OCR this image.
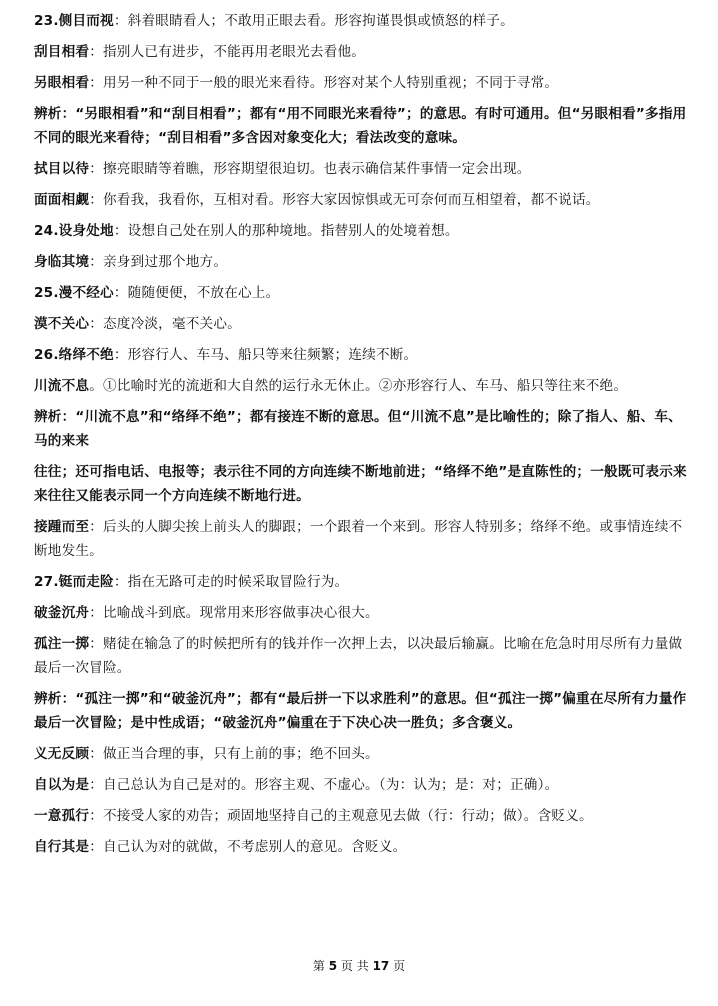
23.侧目而视：斜着眼睛看人；不敢用正眼去看。形容拘谨畏惧或愤怒的样子。

刮目相看：指别人已有进步，不能再用老眼光去看他。

另眼相看：用另一种不同于一般的眼光来看待。形容对某个人特别重视；不同于寻常。

辨析：“另眼相看”和“刮目相看”；都有“用不同眼光来看待”；的意思。有时可通用。但“另眼相看”多指用不同的眼光来看待；“刮目相看”多含因对象变化大；看法改变的意味。

拭目以待：擦亮眼睛等着瞧，形容期望很迫切。也表示确信某件事情一定会出现。

面面相觑：你看我，我看你，互相对看。形容大家因惊惧或无可奈何而互相望着，都不说话。

24.设身处地：设想自己处在别人的那种境地。指替别人的处境着想。

身临其境：亲身到过那个地方。

25.漫不经心：随随便便，不放在心上。

漠不关心：态度冷淡，毫不关心。

26.络绎不绝：形容行人、车马、船只等来往频繁；连续不断。

川流不息。①比喻时光的流逝和大自然的运行永无休止。②亦形容行人、车马、船只等往来不绝。

辨析：“川流不息”和“络绎不绝”；都有接连不断的意思。但“川流不息”是比喻性的；除了指人、船、车、马的来来

往往；还可指电话、电报等；表示往不同的方向连续不断地前进；“络绎不绝”是直陈性的；一般既可表示来来往往又能表示同一个方向连续不断地行进。

接踵而至：后头的人脚尖挨上前头人的脚跟；一个跟着一个来到。形容人特别多；络绎不绝。或事情连续不断地发生。

27.铤而走险：指在无路可走的时候采取冒险行为。

破釜沉舟：比喻战斗到底。现常用来形容做事决心很大。

孤注一掷：赌徒在输急了的时候把所有的钱并作一次押上去，以决最后输赢。比喻在危急时用尽所有力量做最后一次冒险。

辨析：“孤注一掷”和“破釜沉舟”；都有“最后拼一下以求胜利”的意思。但“孤注一掷”偏重在尽所有力量作最后一次冒险；是中性成语；“破釜沉舟”偏重在于下决心决一胜负；多含褒义。

义无反顾：做正当合理的事，只有上前的事；绝不回头。

自以为是：自己总认为自己是对的。形容主观、不虚心。（为：认为；是：对；正确）。

一意孤行：不接受人家的劝告；顽固地坚持自己的主观意见去做（行：行动；做）。含贬义。

自行其是：自己认为对的就做，不考虑别人的意见。含贬义。

第 5 页 共 17 页
